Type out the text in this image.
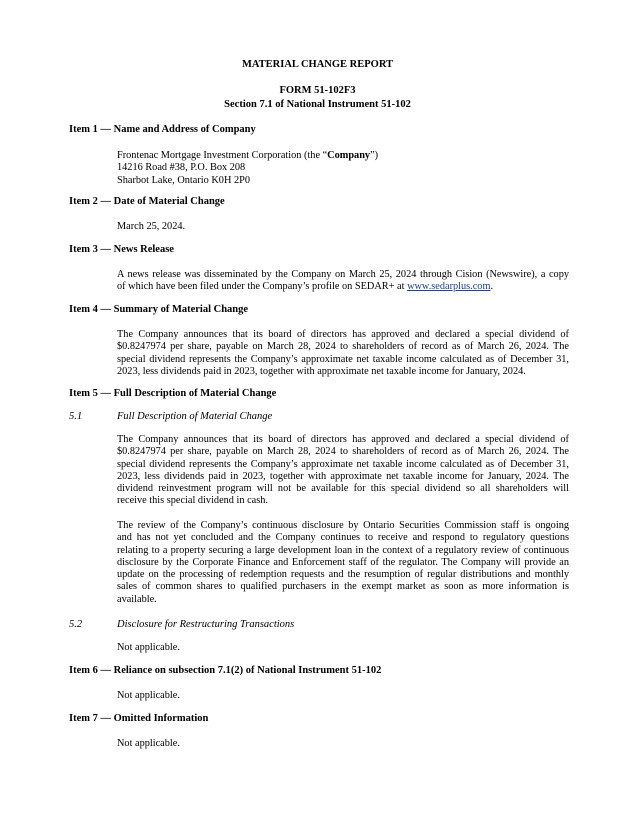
MATERIAL CHANGE REPORT
FORM 51-102F3
Section 7.1 of National Instrument 51-102
Item 1 — Name and Address of Company
Frontenac Mortgage Investment Corporation (the “Company”)
14216 Road #38, P.O. Box 208
Sharbot Lake, Ontario K0H 2P0
Item 2 — Date of Material Change
March 25, 2024.
Item 3 — News Release
A news release was disseminated by the Company on March 25, 2024 through Cision (Newswire), a copy
of which have been filed under the Company’s profile on SEDAR+ at www.sedarplus.com.
Item 4 — Summary of Material Change
The Company announces that its board of directors has approved and declared a special dividend of
$0.8247974 per share, payable on March 28, 2024 to shareholders of record as of March 26, 2024. The
special dividend represents the Company’s approximate net taxable income calculated as of December 31,
2023, less dividends paid in 2023, together with approximate net taxable income for January, 2024.
Item 5 — Full Description of Material Change
5.1	Full Description of Material Change
The Company announces that its board of directors has approved and declared a special dividend of
$0.8247974 per share, payable on March 28, 2024 to shareholders of record as of March 26, 2024. The
special dividend represents the Company’s approximate net taxable income calculated as of December 31,
2023, less dividends paid in 2023, together with approximate net taxable income for January, 2024. The
dividend reinvestment program will not be available for this special dividend so all shareholders will
receive this special dividend in cash.
The review of the Company’s continuous disclosure by Ontario Securities Commission staff is ongoing
and has not yet concluded and the Company continues to receive and respond to regulatory questions
relating to a property securing a large development loan in the context of a regulatory review of continuous
disclosure by the Corporate Finance and Enforcement staff of the regulator. The Company will provide an
update on the processing of redemption requests and the resumption of regular distributions and monthly
sales of common shares to qualified purchasers in the exempt market as soon as more information is
available.
5.2	Disclosure for Restructuring Transactions
Not applicable.
Item 6 — Reliance on subsection 7.1(2) of National Instrument 51-102
Not applicable.
Item 7 — Omitted Information
Not applicable.
